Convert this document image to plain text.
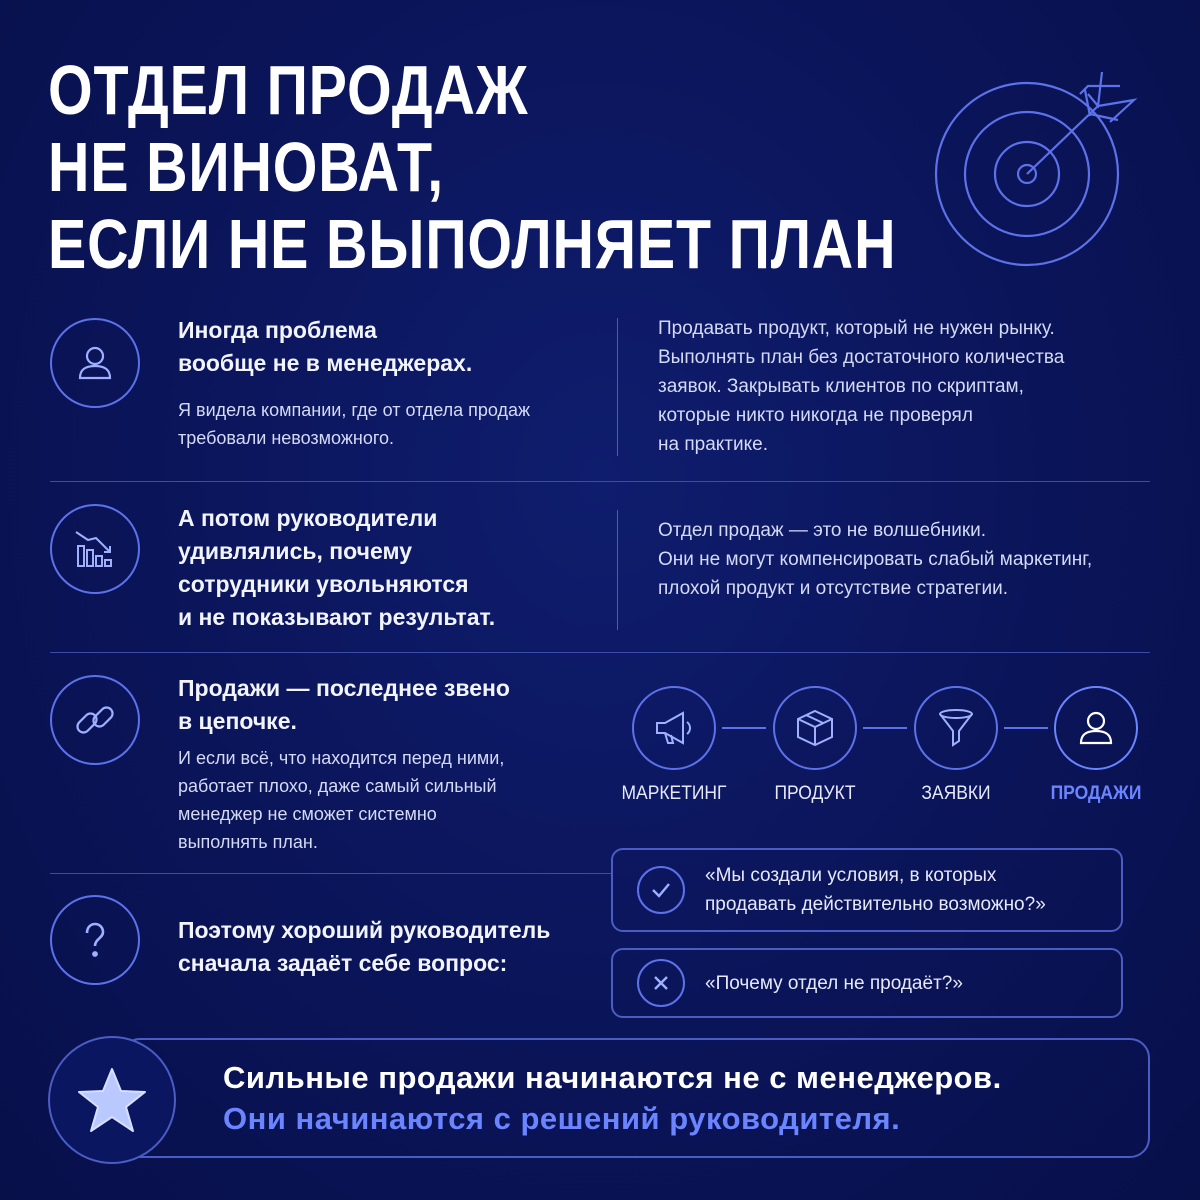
ОТДЕЛ ПРОДАЖ
НЕ ВИНОВАТ,
ЕСЛИ НЕ ВЫПОЛНЯЕТ ПЛАН
Иногда проблема
вообще не в менеджерах.
Я видела компании, где от отдела продаж
требовали невозможного.
Продавать продукт, который не нужен рынку.
Выполнять план без достаточного количества
заявок. Закрывать клиентов по скриптам,
которые никто никогда не проверял
на практике.
А потом руководители
удивлялись, почему
сотрудники увольняются
и не показывают результат.
Отдел продаж — это не волшебники.
Они не могут компенсировать слабый маркетинг,
плохой продукт и отсутствие стратегии.
Продажи — последнее звено
в цепочке.
И если всё, что находится перед ними,
работает плохо, даже самый сильный
менеджер не сможет системно
выполнять план.
МАРКЕТИНГ	ПРОДУКТ	ЗАЯВКИ	ПРОДАЖИ
Поэтому хороший руководитель
сначала задаёт себе вопрос:
«Мы создали условия, в которых
продавать действительно возможно?»
«Почему отдел не продаёт?»
Сильные продажи начинаются не с менеджеров.
Они начинаются с решений руководителя.
